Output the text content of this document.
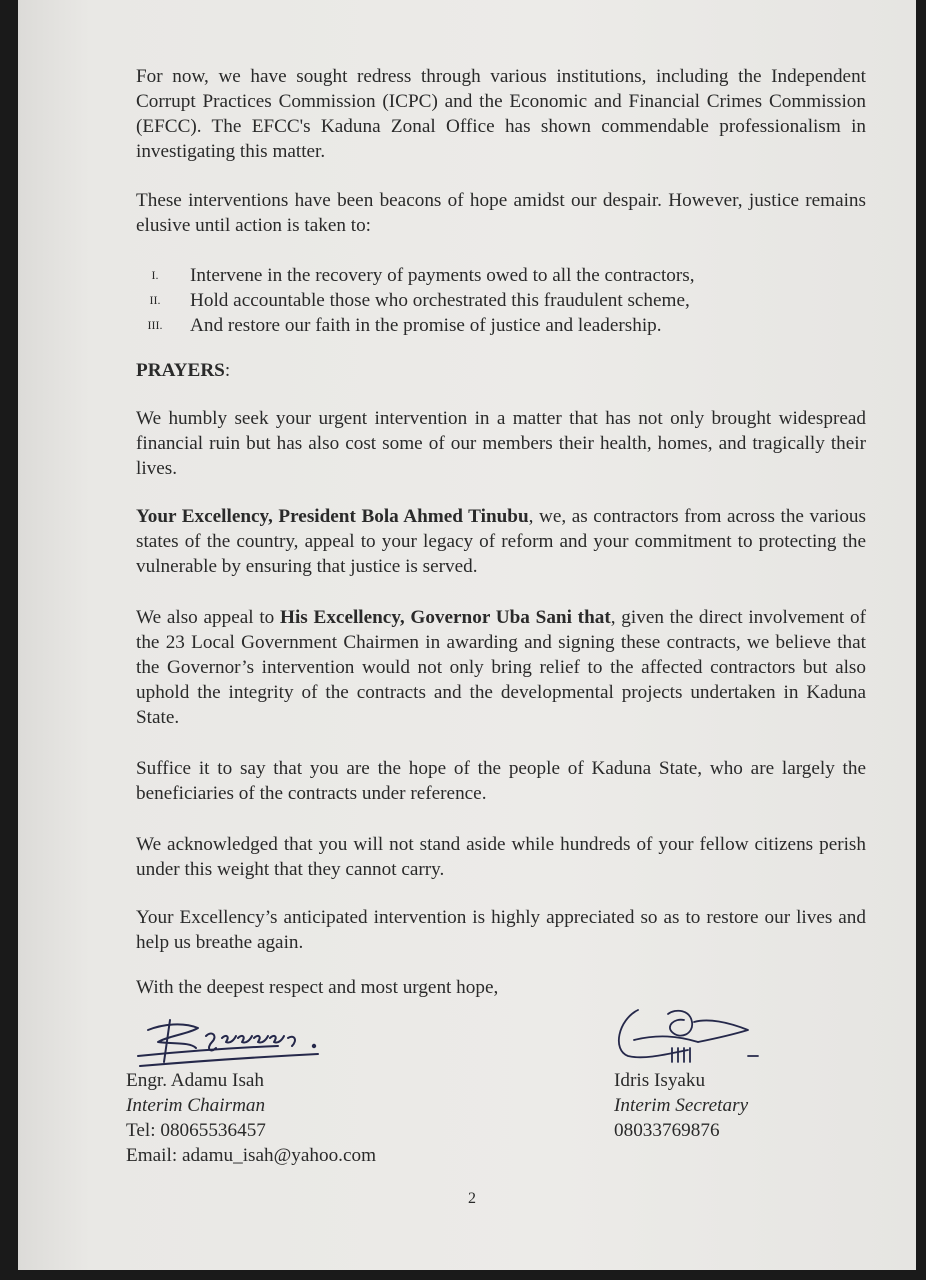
For now, we have sought redress through various institutions, including the Independent Corrupt Practices Commission (ICPC) and the Economic and Financial Crimes Commission (EFCC). The EFCC's Kaduna Zonal Office has shown commendable professionalism in investigating this matter.

These interventions have been beacons of hope amidst our despair. However, justice remains elusive until action is taken to:

I.	Intervene in the recovery of payments owed to all the contractors,
II.	Hold accountable those who orchestrated this fraudulent scheme,
III.	And restore our faith in the promise of justice and leadership.
PRAYERS:

We humbly seek your urgent intervention in a matter that has not only brought widespread financial ruin but has also cost some of our members their health, homes, and tragically their lives.

Your Excellency, President Bola Ahmed Tinubu, we, as contractors from across the various states of the country, appeal to your legacy of reform and your commitment to protecting the vulnerable by ensuring that justice is served.

We also appeal to His Excellency, Governor Uba Sani that, given the direct involvement of the 23 Local Government Chairmen in awarding and signing these contracts, we believe that the Governor’s intervention would not only bring relief to the affected contractors but also uphold the integrity of the contracts and the developmental projects undertaken in Kaduna State.

Suffice it to say that you are the hope of the people of Kaduna State, who are largely the beneficiaries of the contracts under reference.

We acknowledged that you will not stand aside while hundreds of your fellow citizens perish under this weight that they cannot carry.

Your Excellency’s anticipated intervention is highly appreciated so as to restore our lives and help us breathe again.

With the deepest respect and most urgent hope,

Engr. Adamu Isah
Interim Chairman
Tel: 08065536457
Email: adamu_isah@yahoo.com
Idris Isyaku
Interim Secretary
08033769876
2
